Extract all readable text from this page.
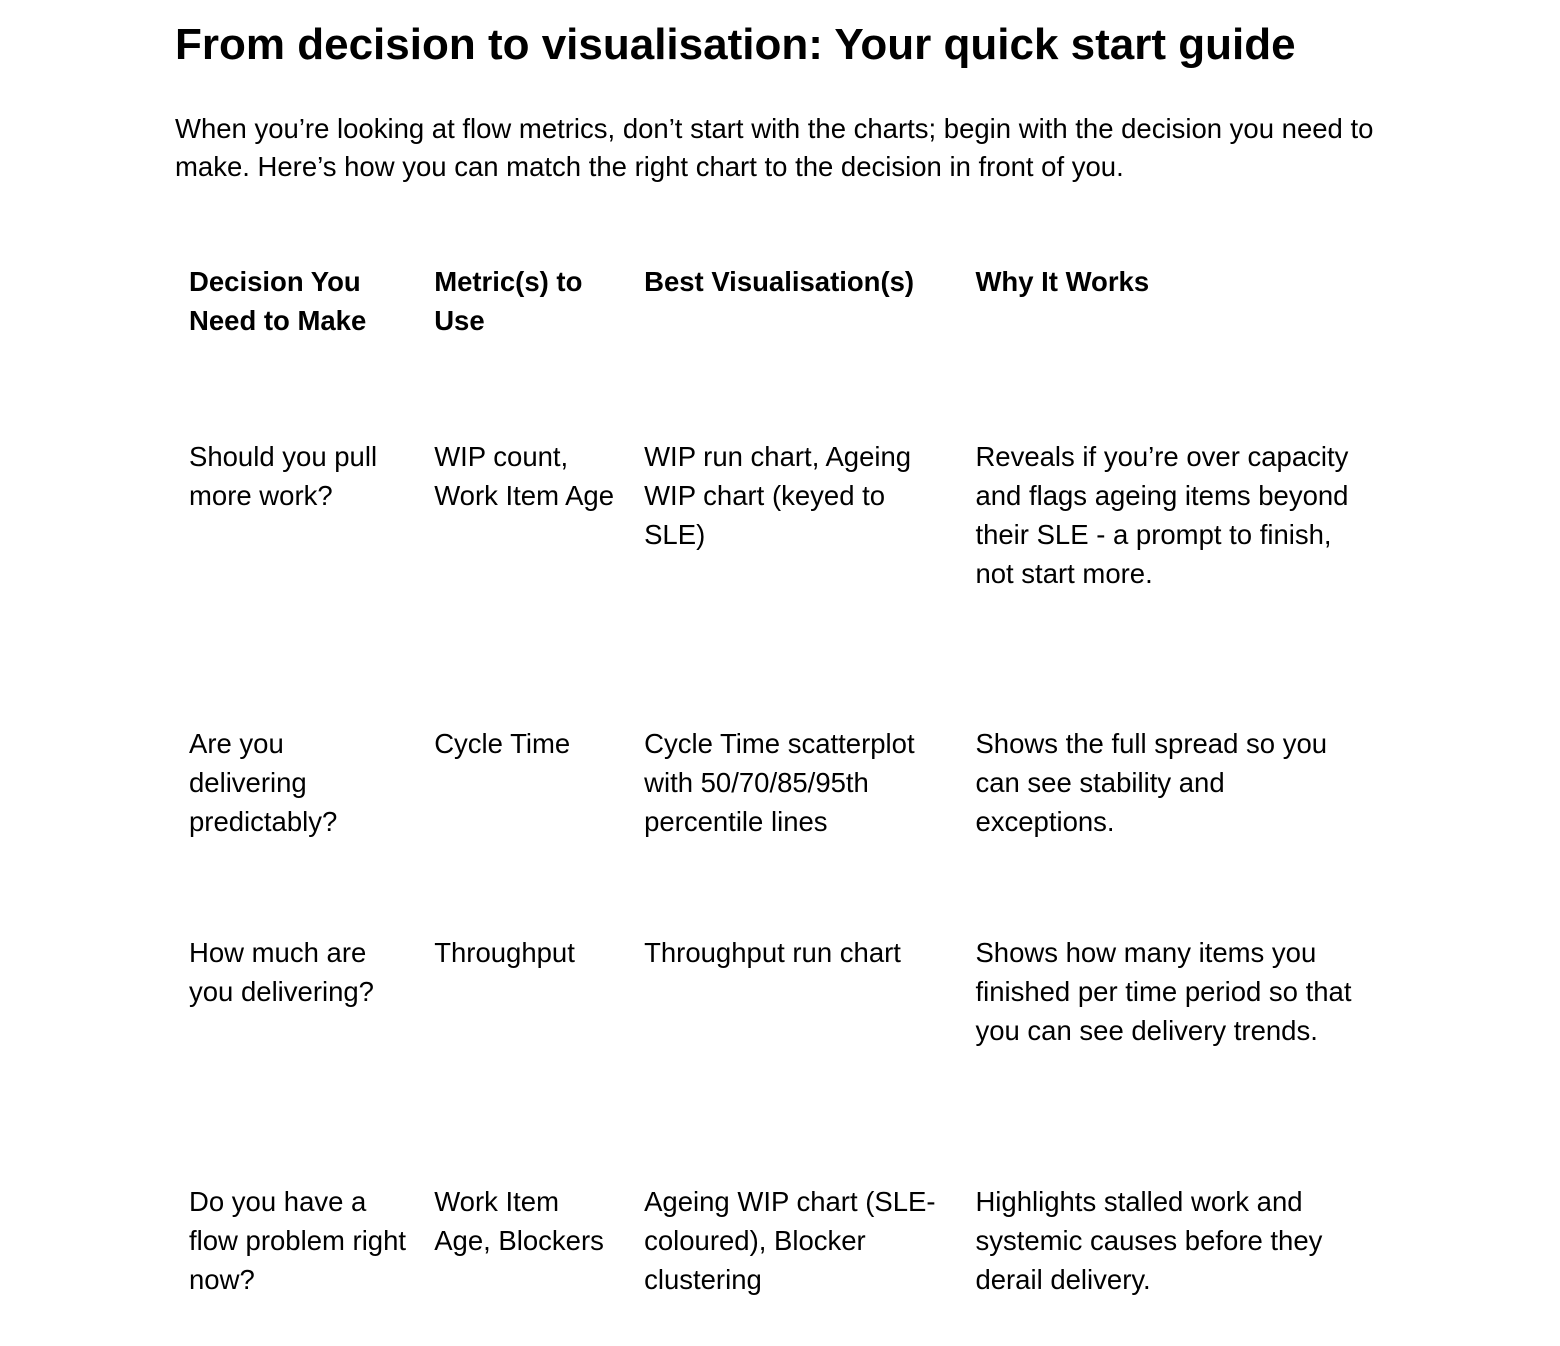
From decision to visualisation: Your quick start guide

When you’re looking at flow metrics, don’t start with the charts; begin with the decision you need to make. Here’s how you can match the right chart to the decision in front of you.

Decision You Need to Make	Metric(s) to Use	Best Visualisation(s)	Why It Works
Should you pull more work?	WIP count, Work Item Age	WIP run chart, Ageing WIP chart (keyed to SLE)	Reveals if you’re over capacity and flags ageing items beyond their SLE - a prompt to finish, not start more.
Are you delivering predictably?	Cycle Time	Cycle Time scatterplot with 50/70/85/95th percentile lines	Shows the full spread so you can see stability and exceptions.
How much are you delivering?	Throughput	Throughput run chart	Shows how many items you finished per time period so that you can see delivery trends.
Do you have a flow problem right now?	Work Item Age, Blockers	Ageing WIP chart (SLE-coloured), Blocker clustering	Highlights stalled work and systemic causes before they derail delivery.
